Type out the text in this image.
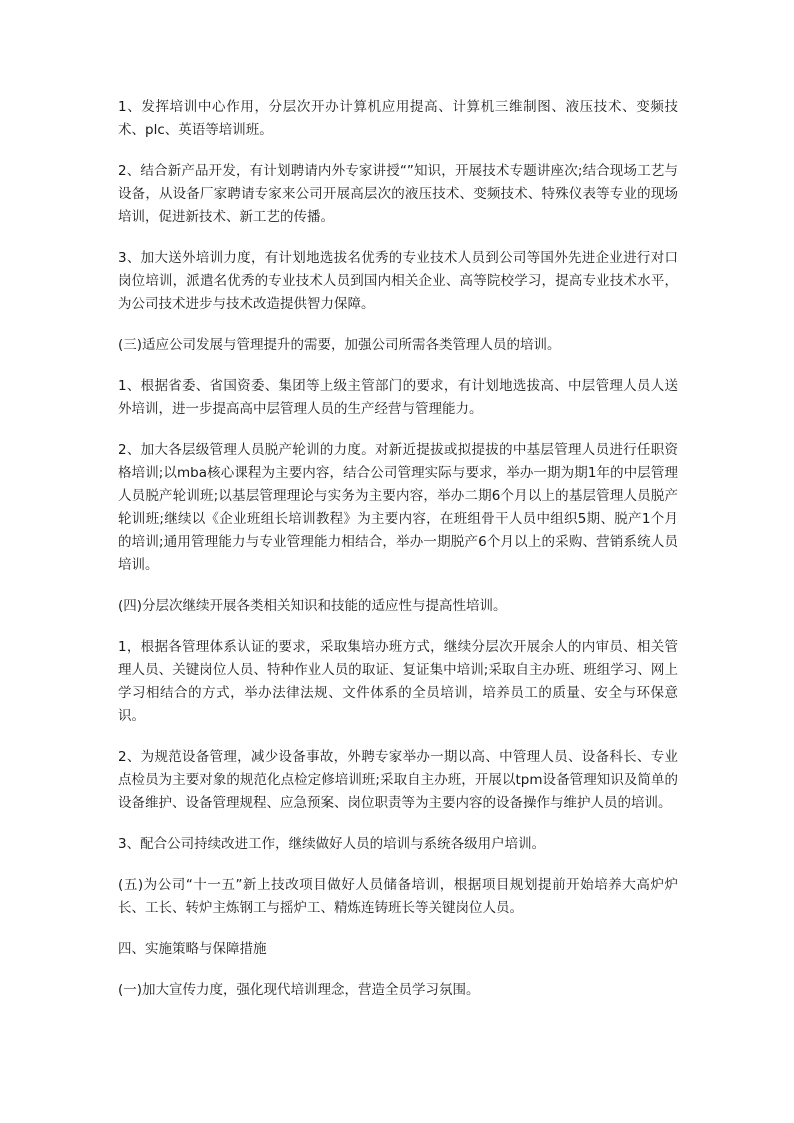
1、发挥培训中心作用，分层次开办计算机应用提高、计算机三维制图、液压技术、变频技术、plc、英语等培训班。

2、结合新产品开发，有计划聘请内外专家讲授“”知识，开展技术专题讲座次;结合现场工艺与设备，从设备厂家聘请专家来公司开展高层次的液压技术、变频技术、特殊仪表等专业的现场培训，促进新技术、新工艺的传播。

3、加大送外培训力度，有计划地选拔名优秀的专业技术人员到公司等国外先进企业进行对口岗位培训，派遣名优秀的专业技术人员到国内相关企业、高等院校学习，提高专业技术水平，为公司技术进步与技术改造提供智力保障。

(三)适应公司发展与管理提升的需要，加强公司所需各类管理人员的培训。

1、根据省委、省国资委、集团等上级主管部门的要求，有计划地选拔高、中层管理人员人送外培训，进一步提高高中层管理人员的生产经营与管理能力。

2、加大各层级管理人员脱产轮训的力度。对新近提拔或拟提拔的中基层管理人员进行任职资格培训;以mba核心课程为主要内容，结合公司管理实际与要求，举办一期为期1年的中层管理人员脱产轮训班;以基层管理理论与实务为主要内容，举办二期6个月以上的基层管理人员脱产轮训班;继续以《企业班组长培训教程》为主要内容，在班组骨干人员中组织5期、脱产1个月的培训;通用管理能力与专业管理能力相结合，举办一期脱产6个月以上的采购、营销系统人员培训。

(四)分层次继续开展各类相关知识和技能的适应性与提高性培训。

1，根据各管理体系认证的要求，采取集培办班方式，继续分层次开展余人的内审员、相关管理人员、关键岗位人员、特种作业人员的取证、复证集中培训;采取自主办班、班组学习、网上学习相结合的方式，举办法律法规、文件体系的全员培训，培养员工的质量、安全与环保意识。

2、为规范设备管理，减少设备事故，外聘专家举办一期以高、中管理人员、设备科长、专业点检员为主要对象的规范化点检定修培训班;采取自主办班，开展以tpm设备管理知识及简单的设备维护、设备管理规程、应急预案、岗位职责等为主要内容的设备操作与维护人员的培训。

3、配合公司持续改进工作，继续做好人员的培训与系统各级用户培训。

(五)为公司“十一五”新上技改项目做好人员储备培训，根据项目规划提前开始培养大高炉炉长、工长、转炉主炼钢工与摇炉工、精炼连铸班长等关键岗位人员。

四、实施策略与保障措施

(一)加大宣传力度，强化现代培训理念，营造全员学习氛围。
